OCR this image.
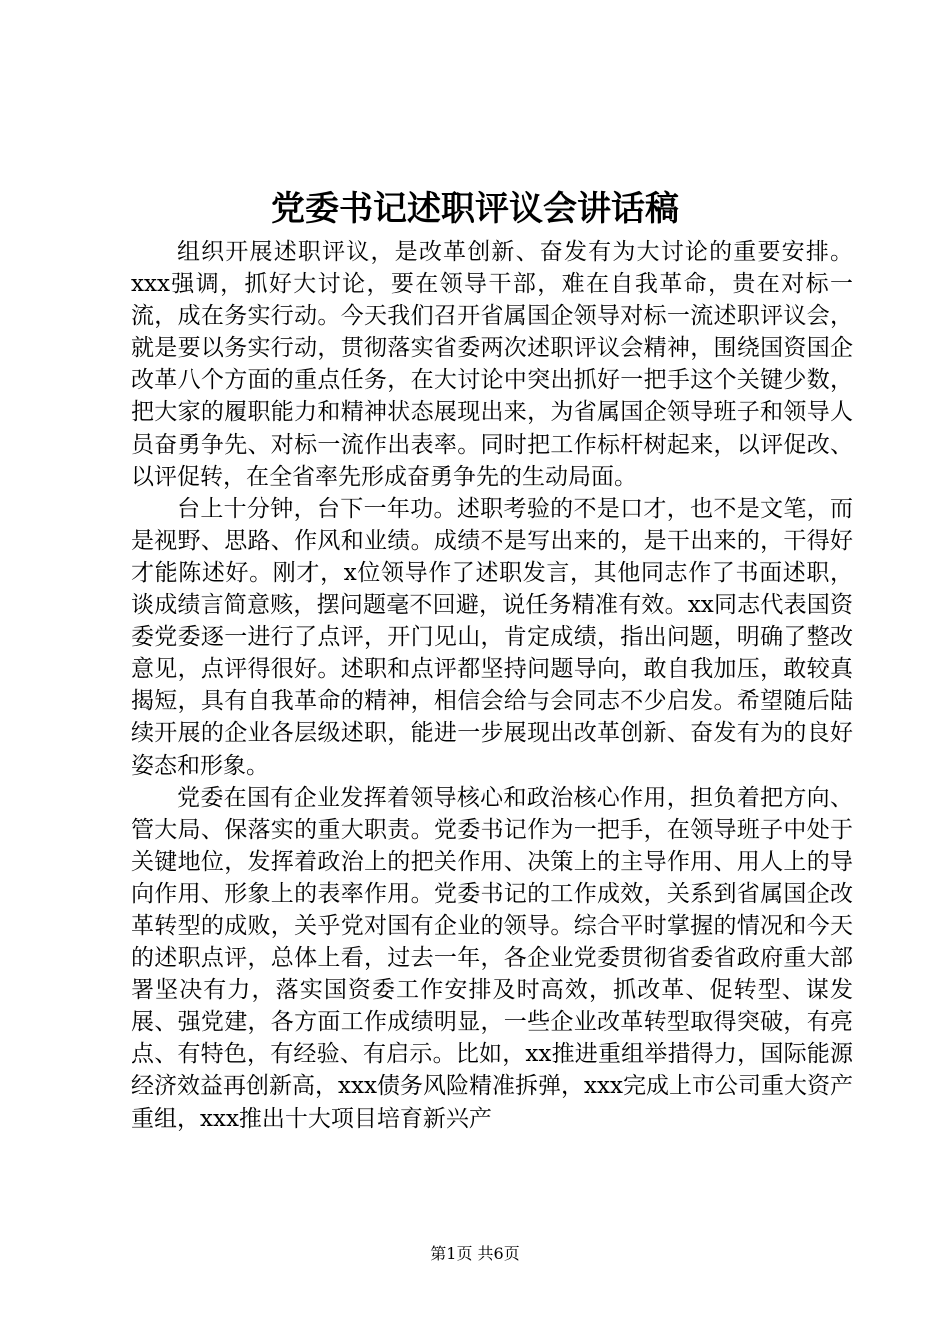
党委书记述职评议会讲话稿

组织开展述职评议，是改革创新、奋发有为大讨论的重要安排。xxx强调，抓好大讨论，要在领导干部，难在自我革命，贵在对标一流，成在务实行动。今天我们召开省属国企领导对标一流述职评议会，就是要以务实行动，贯彻落实省委两次述职评议会精神，围绕国资国企改革八个方面的重点任务，在大讨论中突出抓好一把手这个关键少数，把大家的履职能力和精神状态展现出来，为省属国企领导班子和领导人员奋勇争先、对标一流作出表率。同时把工作标杆树起来，以评促改、以评促转，在全省率先形成奋勇争先的生动局面。

台上十分钟，台下一年功。述职考验的不是口才，也不是文笔，而是视野、思路、作风和业绩。成绩不是写出来的，是干出来的，干得好才能陈述好。刚才，x位领导作了述职发言，其他同志作了书面述职，谈成绩言简意赅，摆问题毫不回避，说任务精准有效。xx同志代表国资委党委逐一进行了点评，开门见山，肯定成绩，指出问题，明确了整改意见，点评得很好。述职和点评都坚持问题导向，敢自我加压，敢较真揭短，具有自我革命的精神，相信会给与会同志不少启发。希望随后陆续开展的企业各层级述职，能进一步展现出改革创新、奋发有为的良好姿态和形象。

党委在国有企业发挥着领导核心和政治核心作用，担负着把方向、管大局、保落实的重大职责。党委书记作为一把手，在领导班子中处于关键地位，发挥着政治上的把关作用、决策上的主导作用、用人上的导向作用、形象上的表率作用。党委书记的工作成效，关系到省属国企改革转型的成败，关乎党对国有企业的领导。综合平时掌握的情况和今天的述职点评，总体上看，过去一年，各企业党委贯彻省委省政府重大部署坚决有力，落实国资委工作安排及时高效，抓改革、促转型、谋发展、强党建，各方面工作成绩明显，一些企业改革转型取得突破，有亮点、有特色，有经验、有启示。比如，xx推进重组举措得力，国际能源经济效益再创新高，xxx债务风险精准拆弹，xxx完成上市公司重大资产重组，xxx推出十大项目培育新兴产

第1页 共6页
